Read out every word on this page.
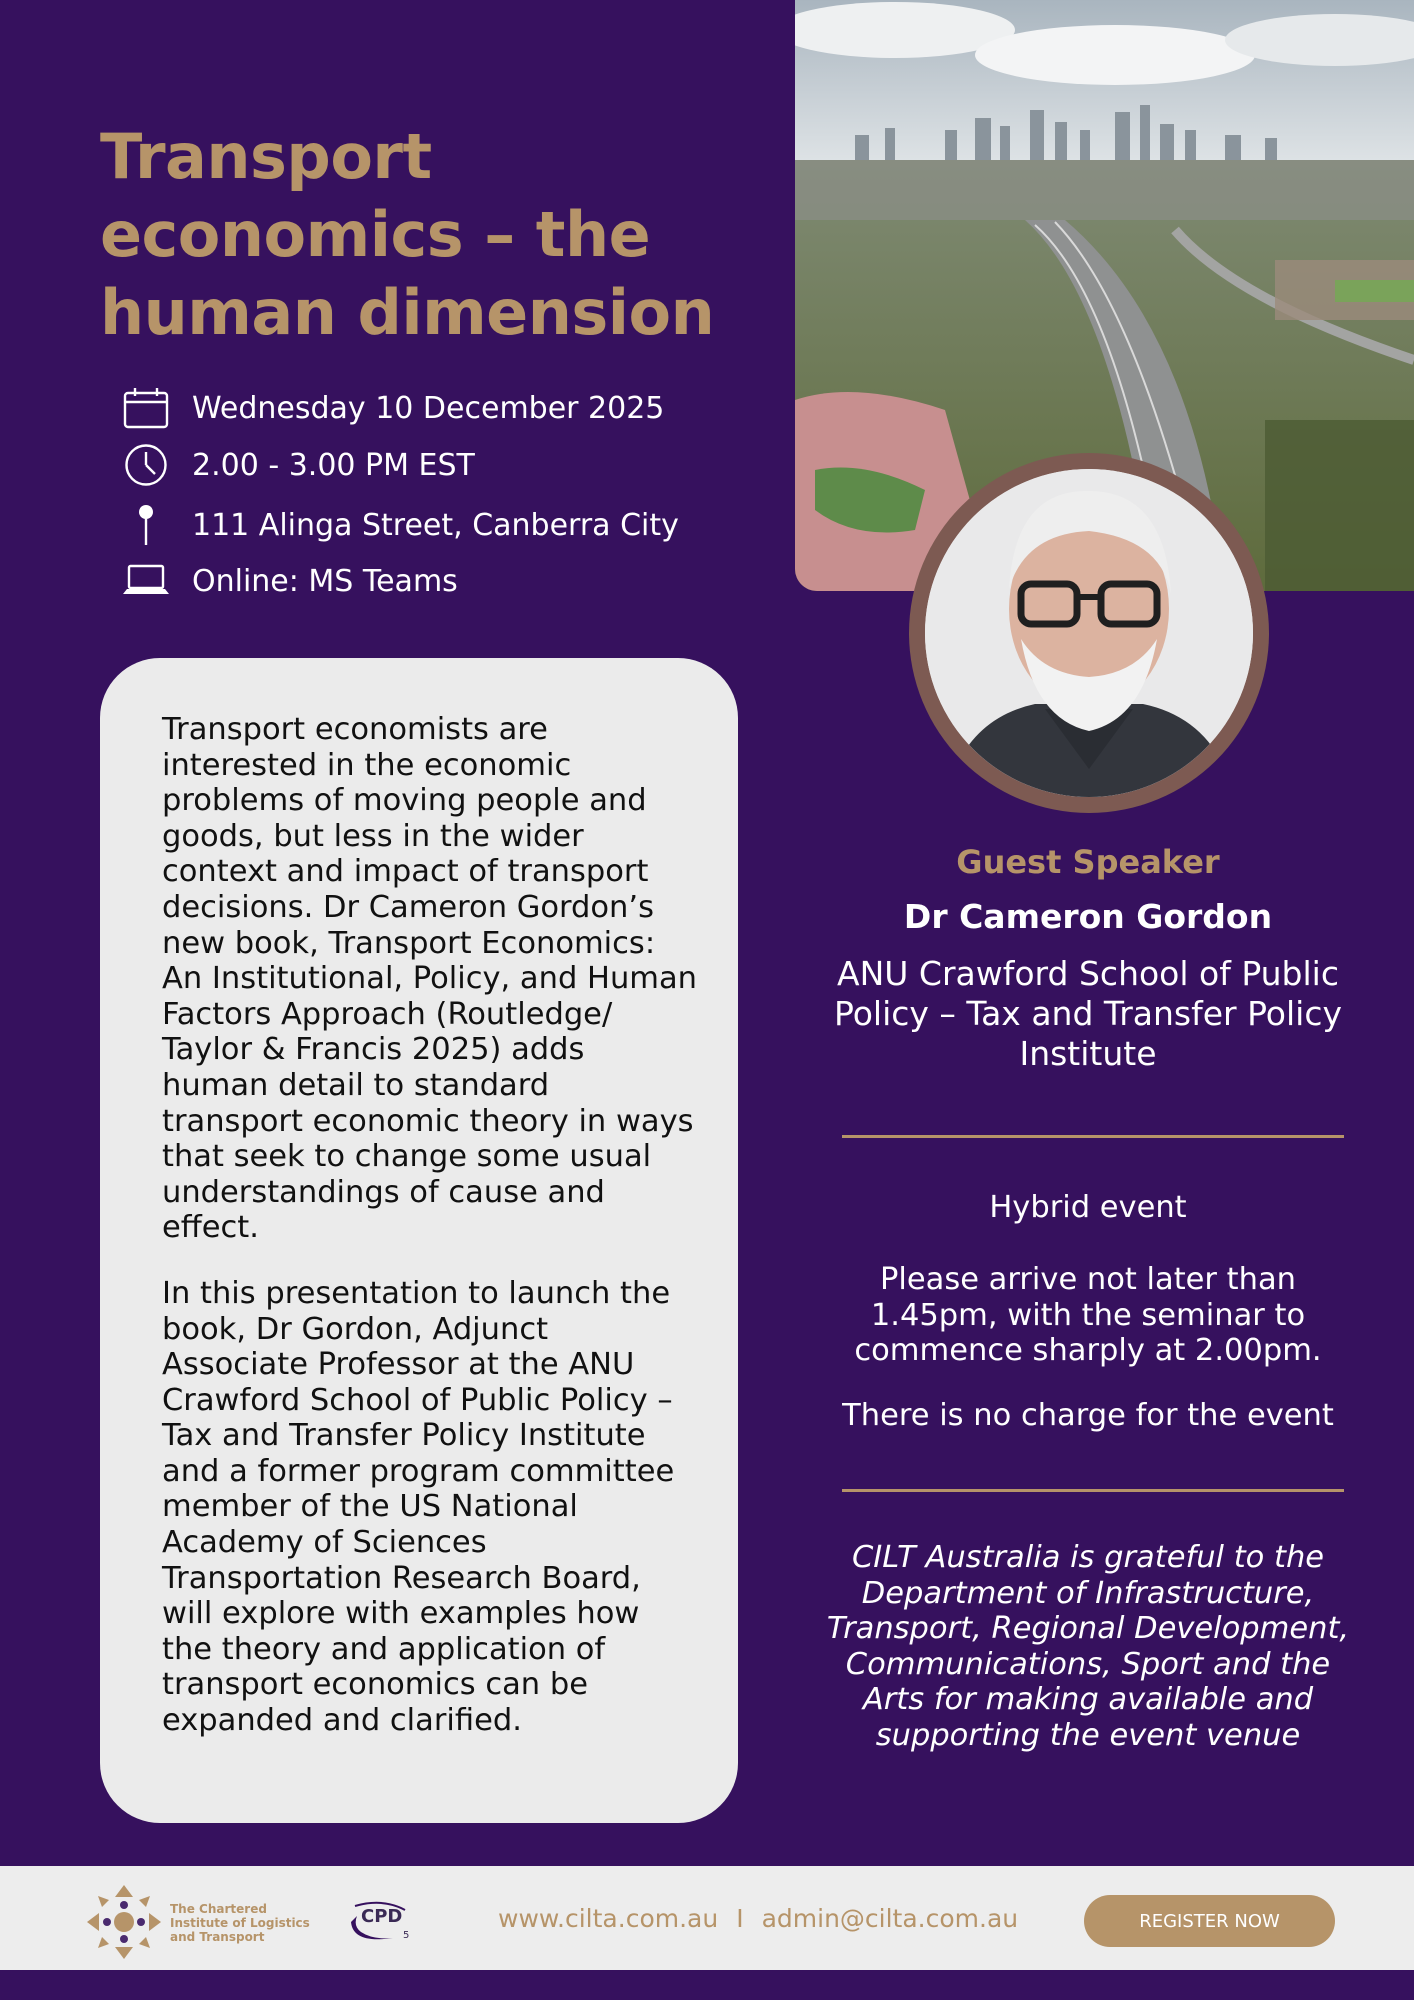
Transport economics – the human dimension
Wednesday 10 December 2025
2.00 - 3.00 PM EST
111 Alinga Street, Canberra City
Online: MS Teams

Transport economists are interested in the economic problems of moving people and goods, but less in the wider context and impact of transport decisions. Dr Cameron Gordon’s new book, Transport Economics: An Institutional, Policy, and Human Factors Approach (Routledge/ Taylor & Francis 2025) adds human detail to standard transport economic theory in ways that seek to change some usual understandings of cause and effect.

In this presentation to launch the book, Dr Gordon, Adjunct Associate Professor at the ANU Crawford School of Public Policy – Tax and Transfer Policy Institute and a former program committee member of the US National Academy of Sciences Transportation Research Board, will explore with examples how the theory and application of transport economics can be expanded and clarified.

Guest Speaker
Dr Cameron Gordon
ANU Crawford School of Public Policy – Tax and Transfer Policy Institute
Hybrid event
Please arrive not later than 1.45pm, with the seminar to commence sharply at 2.00pm.
There is no charge for the event
CILT Australia is grateful to the Department of Infrastructure, Transport, Regional Development, Communications, Sport and the Arts for making available and supporting the event venue
The Chartered
Institute of Logistics
and Transport
CPD
5
www.cilta.com.au I admin@cilta.com.au	REGISTER NOW
